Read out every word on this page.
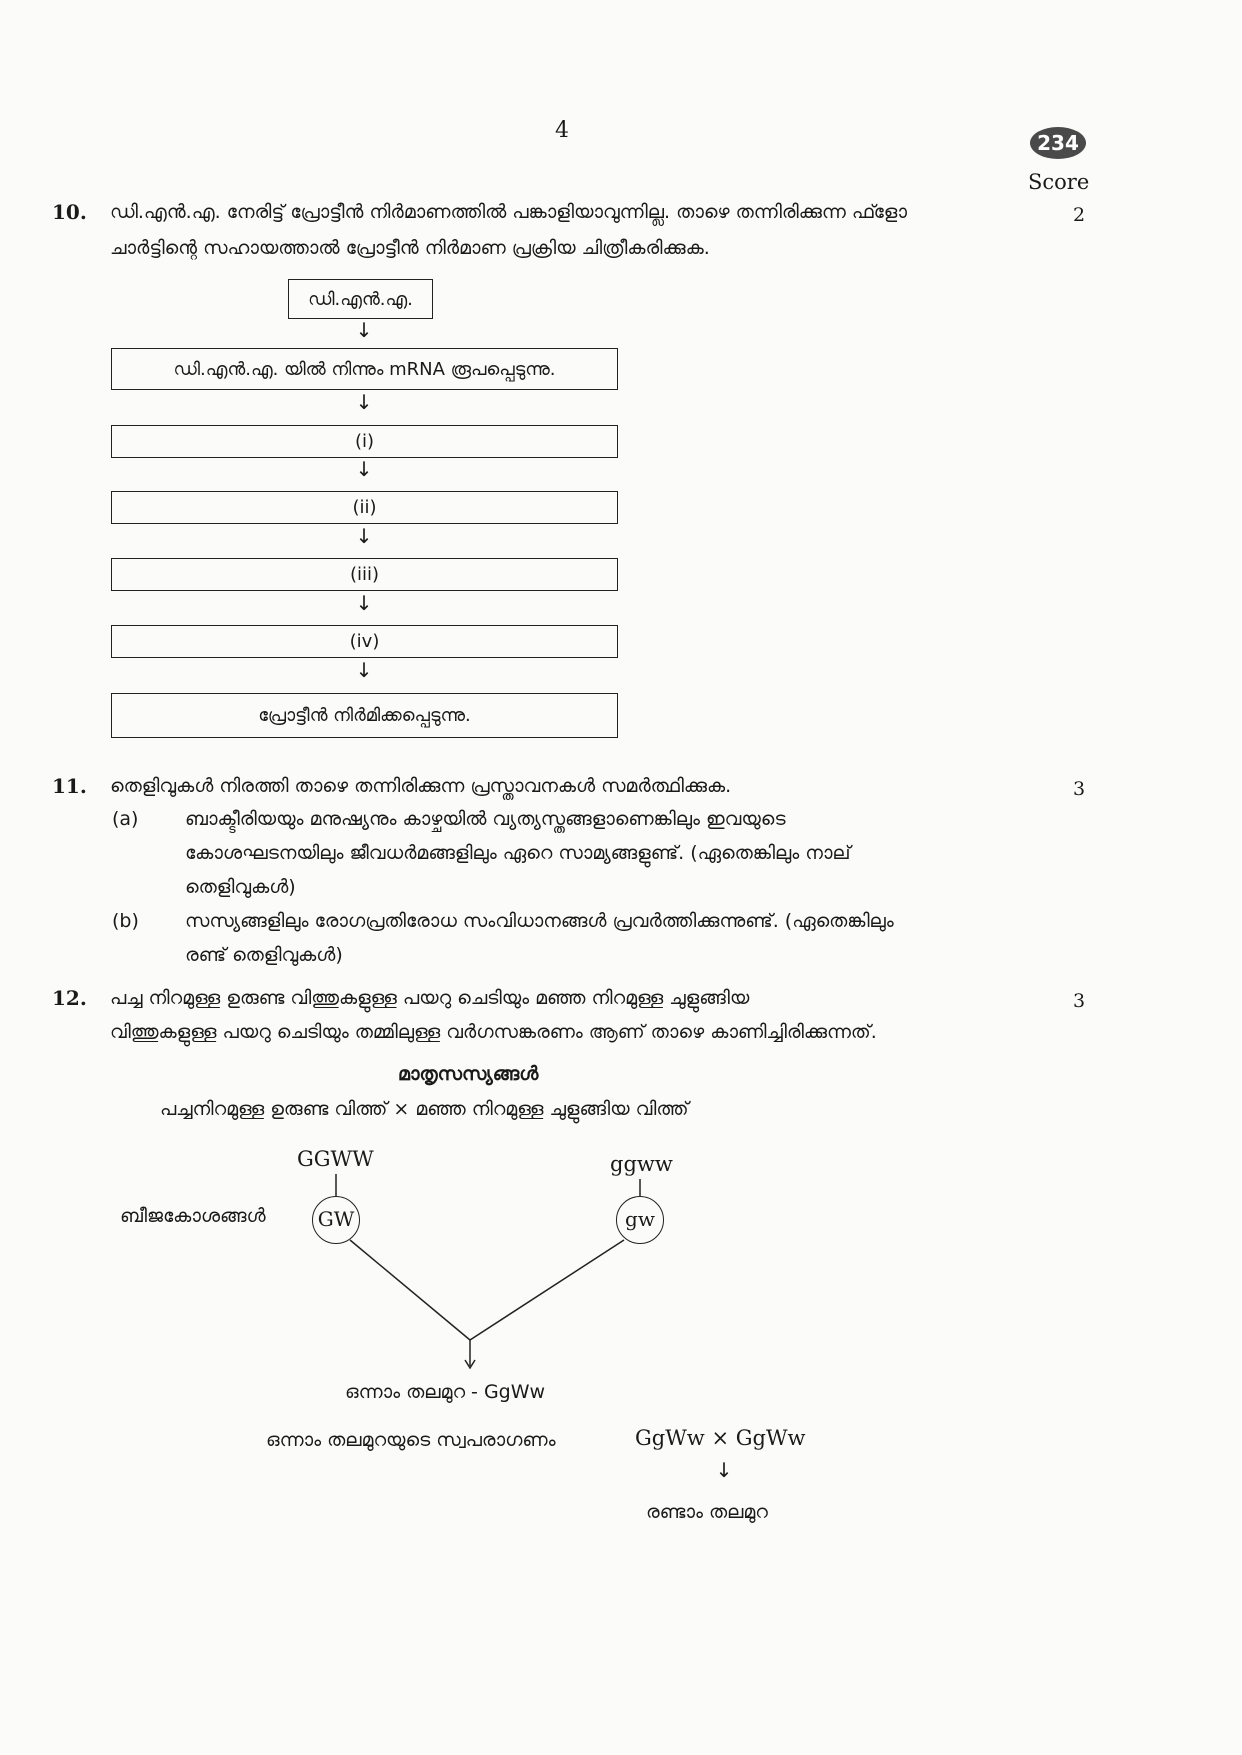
4	234
Score
10. ഡി.എൻ.എ. നേരിട്ട് പ്രോട്ടീൻ നിർമാണത്തിൽ പങ്കാളിയാവുന്നില്ല. താഴെ തന്നിരിക്കുന്ന ഫ്ളോ
ചാർട്ടിന്റെ സഹായത്താൽ പ്രോട്ടീൻ നിർമാണ പ്രക്രിയ ചിത്രീകരിക്കുക.
2
ഡി.എൻ.എ.
↓
ഡി.എൻ.എ. യിൽ നിന്നും mRNA രൂപപ്പെടുന്നു.
↓
(i)
↓
(ii)
↓
(iii)
↓
(iv)
↓
പ്രോട്ടീൻ നിർമിക്കപ്പെടുന്നു.
11. തെളിവുകൾ നിരത്തി താഴെ തന്നിരിക്കുന്ന പ്രസ്താവനകൾ സമർത്ഥിക്കുക.	3
(a) ബാക്ടീരിയയും മനുഷ്യനും കാഴ്ചയിൽ വ്യത്യസ്തങ്ങളാണെങ്കിലും ഇവയുടെ
കോശഘടനയിലും ജീവധർമങ്ങളിലും ഏറെ സാമ്യങ്ങളുണ്ട്. (ഏതെങ്കിലും നാല്
തെളിവുകൾ)
(b) സസ്യങ്ങളിലും രോഗപ്രതിരോധ സംവിധാനങ്ങൾ പ്രവർത്തിക്കുന്നുണ്ട്. (ഏതെങ്കിലും
രണ്ട് തെളിവുകൾ)
12. പച്ച നിറമുള്ള ഉരുണ്ട വിത്തുകളുള്ള പയറു ചെടിയും മഞ്ഞ നിറമുള്ള ചുളുങ്ങിയ
വിത്തുകളുള്ള പയറു ചെടിയും തമ്മിലുള്ള വർഗസങ്കരണം ആണ് താഴെ കാണിച്ചിരിക്കുന്നത്.
3
മാതൃസസ്യങ്ങൾ
പച്ചനിറമുള്ള ഉരുണ്ട വിത്ത് × മഞ്ഞ നിറമുള്ള ചുളുങ്ങിയ വിത്ത്
GGWW	ggww
ബീജകോശങ്ങൾ	GW	gw
ഒന്നാം തലമുറ - GgWw
ഒന്നാം തലമുറയുടെ സ്വപരാഗണം	GgWw × GgWw
↓
രണ്ടാം തലമുറ
